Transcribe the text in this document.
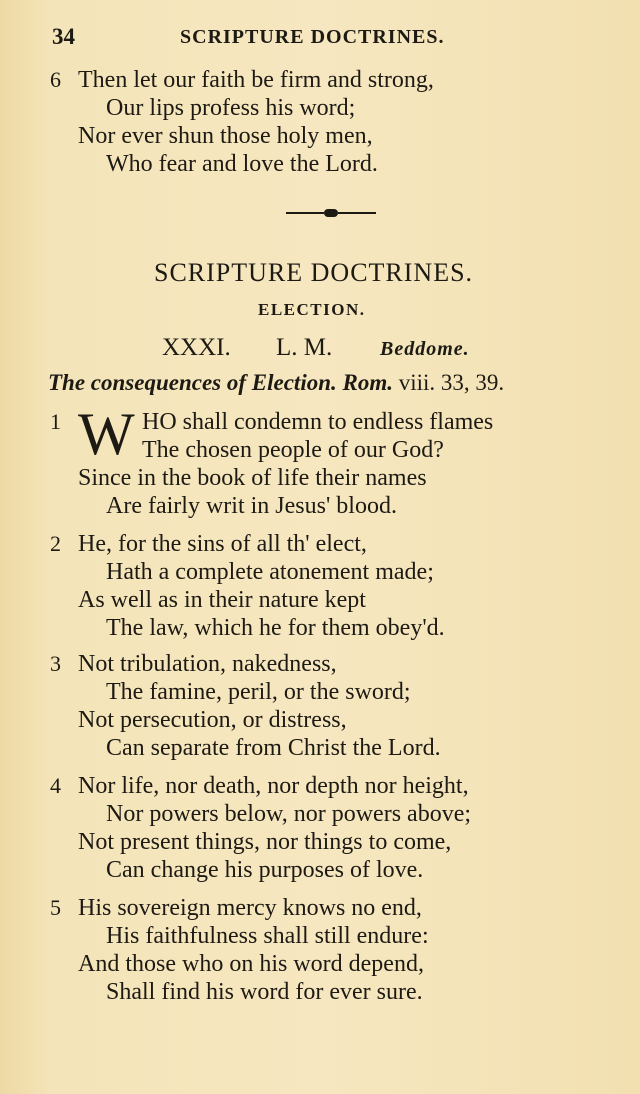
34	SCRIPTURE DOCTRINES.
6 Then let our faith be firm and strong,
Our lips profess his word;
Nor ever shun those holy men,
Who fear and love the Lord.
SCRIPTURE DOCTRINES.
ELECTION.
XXXI. L. M. Beddome.
The consequences of Election. Rom. viii. 33, 39.
1 W HO shall condemn to endless flames
The chosen people of our God?
Since in the book of life their names
Are fairly writ in Jesus' blood.
2 He, for the sins of all th' elect,
Hath a complete atonement made;
As well as in their nature kept
The law, which he for them obey'd.
3 Not tribulation, nakedness,
The famine, peril, or the sword;
Not persecution, or distress,
Can separate from Christ the Lord.
4 Nor life, nor death, nor depth nor height,
Nor powers below, nor powers above;
Not present things, nor things to come,
Can change his purposes of love.
5 His sovereign mercy knows no end,
His faithfulness shall still endure:
And those who on his word depend,
Shall find his word for ever sure.
